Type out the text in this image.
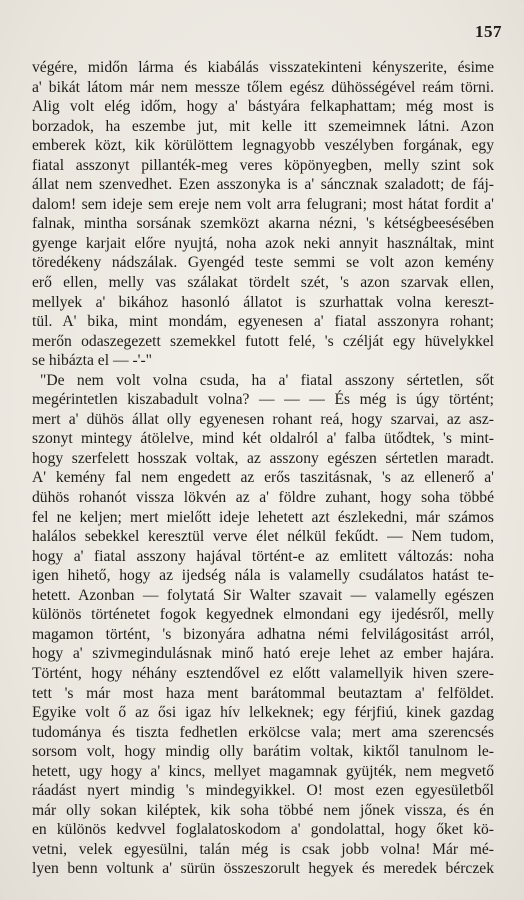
157
végére, midőn lárma és kiabálás visszatekinteni kényszerite, ésime
a' bikát látom már nem messze tőlem egész dühösségével reám törni.
Alig volt elég időm, hogy a' bástyára felkaphattam; még most is
borzadok, ha eszembe jut, mit kelle itt szemeimnek látni. Azon
emberek közt, kik körülöttem legnagyobb veszélyben forgának, egy
fiatal asszonyt pillanték-meg veres köpönyegben, melly szint sok
állat nem szenvedhet. Ezen asszonyka is a' sáncznak szaladott; de fáj-
dalom! sem ideje sem ereje nem volt arra felugrani; most hátat fordit a'
falnak, mintha sorsának szemközt akarna nézni, 's kétségbeesésében
gyenge karjait előre nyujtá, noha azok neki annyit használtak, mint
töredékeny nádszálak. Gyengéd teste semmi se volt azon kemény
erő ellen, melly vas szálakat tördelt szét, 's azon szarvak ellen,
mellyek a' bikához hasonló állatot is szurhattak volna kereszt-
tül. A' bika, mint mondám, egyenesen a' fiatal asszonyra rohant;
merőn odaszegezett szemekkel futott felé, 's czélját egy hüvelykkel
se hibázta el — -'-"
"De nem volt volna csuda, ha a' fiatal asszony sértetlen, sőt
megérintetlen kiszabadult volna? — — — És még is úgy történt;
mert a' dühös állat olly egyenesen rohant reá, hogy szarvai, az asz-
szonyt mintegy átölelve, mind két oldalról a' falba ütődtek, 's mint-
hogy szerfelett hosszak voltak, az asszony egészen sértetlen maradt.
A' kemény fal nem engedett az erős taszitásnak, 's az ellenerő a'
dühös rohanót vissza lökvén az a' földre zuhant, hogy soha többé
fel ne keljen; mert mielőtt ideje lehetett azt észlekedni, már számos
halálos sebekkel keresztül verve élet nélkül fekűdt. — Nem tudom,
hogy a' fiatal asszony hajával történt-e az emlitett változás: noha
igen hihető, hogy az ijedség nála is valamelly csudálatos hatást te-
hetett. Azonban — folytatá Sir Walter szavait — valamelly egészen
különös történetet fogok kegyednek elmondani egy ijedésről, melly
magamon történt, 's bizonyára adhatna némi felvilágositást arról,
hogy a' szivmegindulásnak minő ható ereje lehet az ember hajára.
Történt, hogy néhány esztendővel ez előtt valamellyik hiven szere-
tett 's már most haza ment barátommal beutaztam a' felföldet.
Egyike volt ő az ősi igaz hív lelkeknek; egy férjfiú, kinek gazdag
tudománya és tiszta fedhetlen erkölcse vala; mert ama szerencsés
sorsom volt, hogy mindig olly barátim voltak, kiktől tanulnom le-
hetett, ugy hogy a' kincs, mellyet magamnak gyüjték, nem megvető
ráadást nyert mindig 's mindegyikkel. O! most ezen egyesületből
már olly sokan kiléptek, kik soha többé nem jőnek vissza, és én
en különös kedvvel foglalatoskodom a' gondolattal, hogy őket kö-
vetni, velek egyesülni, talán még is csak jobb volna! Már mé-
lyen benn voltunk a' sürün összeszorult hegyek és meredek bérczek
